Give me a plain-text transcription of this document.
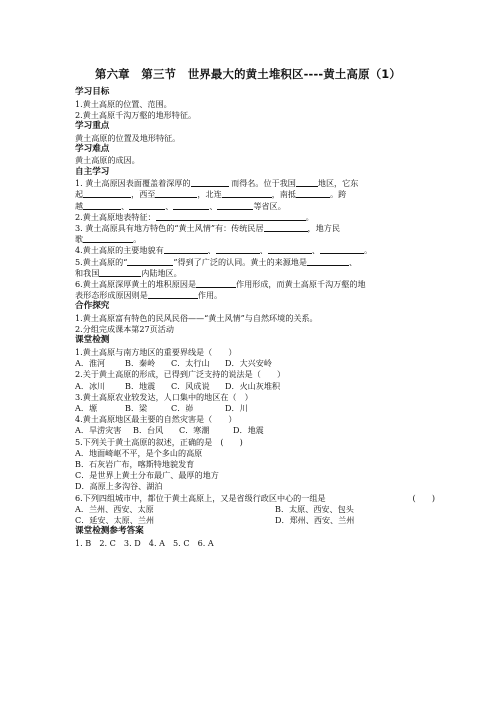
第六章　第三节　世界最大的黄土堆积区----黄土高原（1）
学习目标
1.黄土高原的位置、范围。
2.黄土高原千沟万壑的地形特征。
学习重点
黄土高原的位置及地形特征。
学习难点
黄土高原的成因。
自主学习
1. 黄土高原因表面覆盖着深厚的	而得名。位于我国	地区，它东
起	，西至	，北连	，南抵	。跨
越	、	、	、	等省区。
2.黄土高原地表特征：	。
3. 黄土高原具有地方特色的“黄土风情”有：传统民居	，地方民
歌	。
4.黄土高原的主要地貌有	、	、	、	。
5.黄土高原的“	”得到了广泛的认同。黄土的来源地是	、
和我国	内陆地区。
6.黄土高原深厚黄土的堆积原因是	作用形成，而黄土高原千沟万壑的地
表形态形成原因则是	作用。
合作探究
1.黄土高原富有特色的民风民俗——“黄土风情”与自然环境的关系。
2.分组完成课本第27页活动
课堂检测
1.黄土高原与南方地区的重要界线是（　　）
A．淮河	B．秦岭	C．太行山	D．大兴安岭
2.关于黄土高原的形成，已得到广泛支持的说法是（　　）
A．冰川	B．地震	C．风成说	D．火山灰堆积
3.黄土高原农业较发达，人口集中的地区在（　）
A．塬	B．梁	C．峁	D．川
4.黄土高原地区最主要的自然灾害是（　　）
A．旱涝灾害	B．台风	C．寒潮	D．地震
5.下列关于黄土高原的叙述，正确的是　(　　)
A．地面崎岖不平，是个多山的高原
B．石灰岩广布，喀斯特地貌发育
C．是世界上黄土分布最广、最厚的地方
D．高原上多沟谷、湖泊
6.下列四组城市中，都位于黄土高原上，又是省级行政区中心的一组是	(　　)
A．兰州、西安、太原	B．太原、西安、包头
C．延安、太原、兰州	D．郑州、西安、兰州
课堂检测参考答案
1. B　2. C　3. D　4. A　5. C　6. A
